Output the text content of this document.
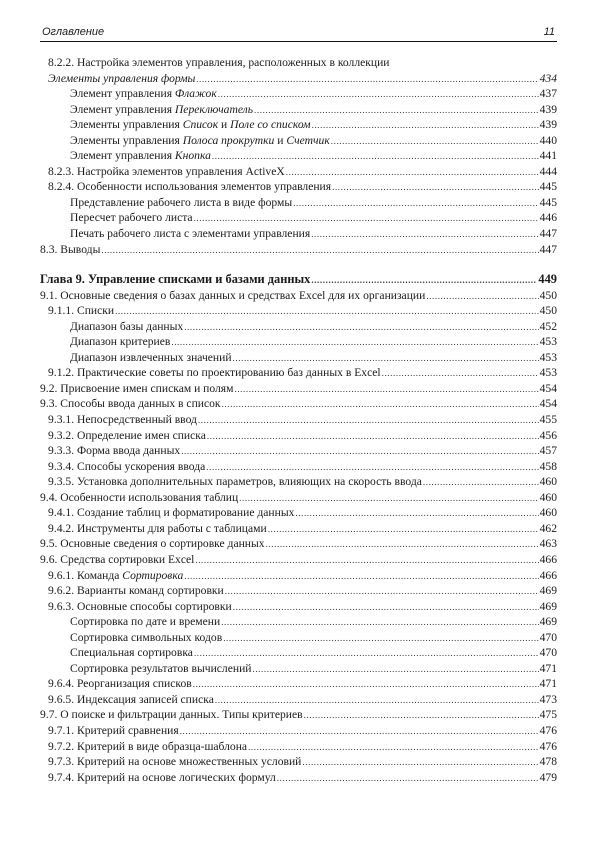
Оглавление	11
8.2.2. Настройка элементов управления, расположенных в коллекции
Элементы управления формы .....	434
Элемент управления Флажок .....	437
Элемент управления Переключатель .....	439
Элементы управления Список и Поле со списком .....	439
Элементы управления Полоса прокрутки и Счетчик .....	440
Элемент управления Кнопка .....	441
8.2.3. Настройка элементов управления ActiveX .....	444
8.2.4. Особенности использования элементов управления .....	445
Представление рабочего листа в виде формы .....	445
Пересчет рабочего листа .....	446
Печать рабочего листа с элементами управления .....	447
8.3. Выводы .....	447
Глава 9. Управление списками и базами данных .....	449
9.1. Основные сведения о базах данных и средствах Excel для их организации .....	450
9.1.1. Списки .....	450
Диапазон базы данных .....	452
Диапазон критериев .....	453
Диапазон извлеченных значений .....	453
9.1.2. Практические советы по проектированию баз данных в Excel .....	453
9.2. Присвоение имен спискам и полям .....	454
9.3. Способы ввода данных в список .....	454
9.3.1. Непосредственный ввод .....	455
9.3.2. Определение имен списка .....	456
9.3.3. Форма ввода данных .....	457
9.3.4. Способы ускорения ввода .....	458
9.3.5. Установка дополнительных параметров, влияющих на скорость ввода .....	460
9.4. Особенности использования таблиц .....	460
9.4.1. Создание таблиц и форматирование данных .....	460
9.4.2. Инструменты для работы с таблицами .....	462
9.5. Основные сведения о сортировке данных .....	463
9.6. Средства сортировки Excel .....	466
9.6.1. Команда Сортировка .....	466
9.6.2. Варианты команд сортировки .....	469
9.6.3. Основные способы сортировки .....	469
Сортировка по дате и времени .....	469
Сортировка символьных кодов .....	470
Специальная сортировка .....	470
Сортировка результатов вычислений .....	471
9.6.4. Реорганизация списков .....	471
9.6.5. Индексация записей списка .....	473
9.7. О поиске и фильтрации данных. Типы критериев .....	475
9.7.1. Критерий сравнения .....	476
9.7.2. Критерий в виде образца-шаблона .....	476
9.7.3. Критерий на основе множественных условий .....	478
9.7.4. Критерий на основе логических формул .....	479
